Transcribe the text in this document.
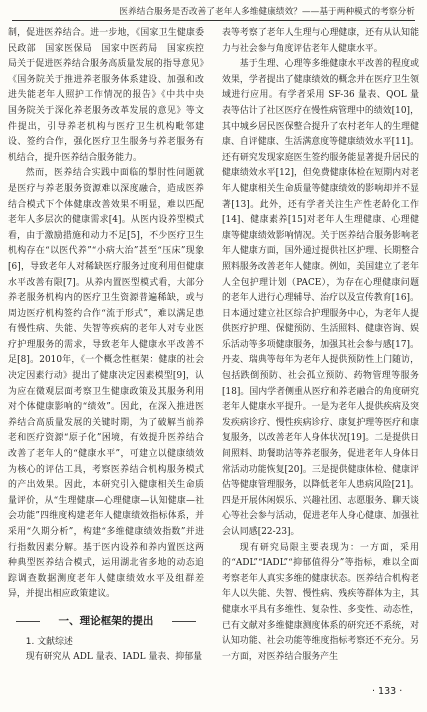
医养结合服务是否改善了老年人多维健康绩效？——基于两种模式的考察分析

制，促进医养结合。进一步地，《国家卫生健康委民政部　国家医保局　国家中医药局　国家疾控局关于促进医养结合服务高质量发展的指导意见》《国务院关于推进养老服务体系建设、加强和改进失能老年人照护工作情况的报告》《中共中央　国务院关于深化养老服务改革发展的意见》等文件提出，引导养老机构与医疗卫生机构毗邻建设、签约合作，强化医疗卫生服务与养老服务有机结合，提升医养结合服务能力。

然而，医养结合实践中面临的掣肘性问题就是医疗与养老服务资源难以深度融合，造成医养结合模式下个体健康改善效果不明显，难以匹配老年人多层次的健康需求[4]。从医内设养型模式看，由于激励措施和动力不足[5]，不少医疗卫生机构存在“以医代养”“小病大治”甚至“压床”现象[6]，导致老年人对稀缺医疗服务过度利用但健康水平改善有限[7]。从养内置医型模式看，大部分养老服务机构内的医疗卫生资源普遍稀缺，或与周边医疗机构签约合作“流于形式”，难以满足患有慢性病、失能、失智等疾病的老年人对专业医疗护理服务的需求，导致老年人健康水平改善不足[8]。2010年，《一个概念性框架：健康的社会决定因素行动》提出了健康决定因素模型[9]，认为应在微观层面考察卫生健康政策及其服务利用对个体健康影响的“绩效”。因此，在深入推进医养结合高质量发展的关键时期，为了破解当前养老和医疗资源“原子化”困境，有效提升医养结合改善了老年人的“健康水平”，可建立以健康绩效为核心的评估工具，考察医养结合机构服务模式的产出效果。因此，本研究引入健康相关生命质量评价，从“生理健康—心理健康—认知健康—社会功能”四维度构建老年人健康绩效指标体系，并采用“久期分析”，构建“多维健康绩效指数”并进行指数因素分解。基于医内设养和养内置医这两种典型医养结合模式，运用湖北省多地的动态追踪调查数据测度老年人健康绩效水平及组群差异，并提出相应政策建议。

一、理论框架的提出

1. 文献综述

现有研究从 ADL 量表、IADL 量表、抑郁量

表等考察了老年人生理与心理健康，还有从认知能力与社会参与角度评估老年人健康水平。

基于生理、心理等多维健康水平改善的程度或效果，学者提出了健康绩效的概念并在医疗卫生领域进行应用。有学者采用 SF-36 量表、QOL 量表等估计了社区医疗在慢性病管理中的绩效[10]，其中城乡居民医保整合提升了农村老年人的生理健康、自评健康、生活满意度等健康绩效水平[11]。还有研究发现家庭医生签约服务能显著提升居民的健康绩效水平[12]，但免费健康体检在短期内对老年人健康相关生命质量等健康绩效的影响却并不显著[13]。此外，还有学者关注生产性老龄化工作[14]、健康素养[15]对老年人生理健康、心理健康等健康绩效影响情况。关于医养结合服务影响老年人健康方面，国外通过提供社区护理、长期整合照料服务改善老年人健康。例如，美国建立了老年人全包护理计划（PACE），为存在心理健康问题的老年人进行心理辅导、治疗以及宣传教育[16]。日本通过建立社区综合护理服务中心，为老年人提供医疗护理、保健预防、生活照料、健康咨询、娱乐活动等多项健康服务，加强其社会参与感[17]。丹麦、瑞典等每年为老年人提供预防性上门随访，包括跌倒预防、社会孤立预防、药物管理等服务[18]。国内学者侧重从医疗和养老融合的角度研究老年人健康水平提升。一是为老年人提供疾病及突发疾病诊疗、慢性疾病诊疗、康复护理等医疗和康复服务，以改善老年人身体状况[19]。二是提供日间照料、助餐助洁等养老服务，促进老年人身体日常活动功能恢复[20]。三是提供健康体检、健康评估等健康管理服务，以降低老年人患病风险[21]。四是开展休闲娱乐、兴趣社团、志愿服务、聊天谈心等社会参与活动，促进老年人身心健康、加强社会认同感[22-23]。

现有研究局限主要表现为：一方面，采用的“ADL”“IADL”“抑郁值得分”等指标，难以全面考察老年人真实多维的健康状态。医养结合机构老年人以失能、失智、慢性病、残疾等群体为主，其健康水平具有多维性、复杂性、多变性、动态性，已有文献对多维健康测度体系的研究还不系统，对认知功能、社会功能等维度指标考察还不充分。另一方面，对医养结合服务产生

· 133 ·
